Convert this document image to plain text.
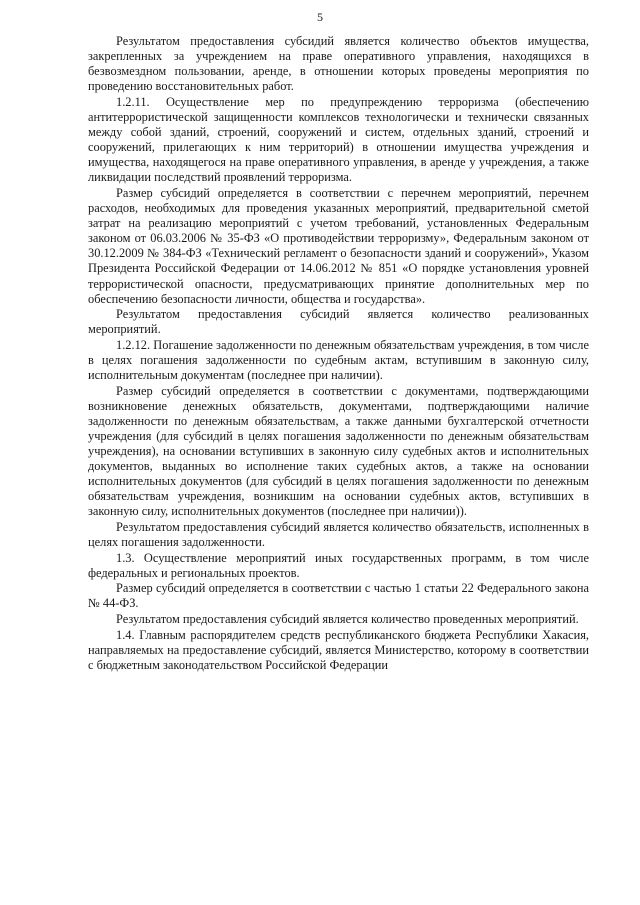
5

Результатом предоставления субсидий является количество объектов имущества, закрепленных за учреждением на праве оперативного управления, находящихся в безвозмездном пользовании, аренде, в отношении которых проведены мероприятия по проведению восстановительных работ.

1.2.11. Осуществление мер по предупреждению терроризма (обеспечению антитеррористической защищенности комплексов технологически и технически связанных между собой зданий, строений, сооружений и систем, отдельных зданий, строений и сооружений, прилегающих к ним территорий) в отношении имущества учреждения и имущества, находящегося на праве оперативного управления, в аренде у учреждения, а также ликвидации последствий проявлений терроризма.

Размер субсидий определяется в соответствии с перечнем мероприятий, перечнем расходов, необходимых для проведения указанных мероприятий, предварительной сметой затрат на реализацию мероприятий с учетом требований, установленных Федеральным законом от 06.03.2006 № 35-ФЗ «О противодействии терроризму», Федеральным законом от 30.12.2009 № 384-ФЗ «Технический регламент о безопасности зданий и сооружений», Указом Президента Российской Федерации от 14.06.2012 № 851 «О порядке установления уровней террористической опасности, предусматривающих принятие дополнительных мер по обеспечению безопасности личности, общества и государства».

Результатом предоставления субсидий является количество реализованных мероприятий.

1.2.12. Погашение задолженности по денежным обязательствам учреждения, в том числе в целях погашения задолженности по судебным актам, вступившим в законную силу, исполнительным документам (последнее при наличии).

Размер субсидий определяется в соответствии с документами, подтверждающими возникновение денежных обязательств, документами, подтверждающими наличие задолженности по денежным обязательствам, а также данными бухгалтерской отчетности учреждения (для субсидий в целях погашения задолженности по денежным обязательствам учреждения), на основании вступивших в законную силу судебных актов и исполнительных документов, выданных во исполнение таких судебных актов, а также на основании исполнительных документов (для субсидий в целях погашения задолженности по денежным обязательствам учреждения, возникшим на основании судебных актов, вступивших в законную силу, исполнительных документов (последнее при наличии)).

Результатом предоставления субсидий является количество обязательств, исполненных в целях погашения задолженности.

1.3. Осуществление мероприятий иных государственных программ, в том числе федеральных и региональных проектов.

Размер субсидий определяется в соответствии с частью 1 статьи 22 Федерального закона № 44-ФЗ.

Результатом предоставления субсидий является количество проведенных мероприятий.

1.4. Главным распорядителем средств республиканского бюджета Республики Хакасия, направляемых на предоставление субсидий, является Министерство, которому в соответствии с бюджетным законодательством Российской Федерации
